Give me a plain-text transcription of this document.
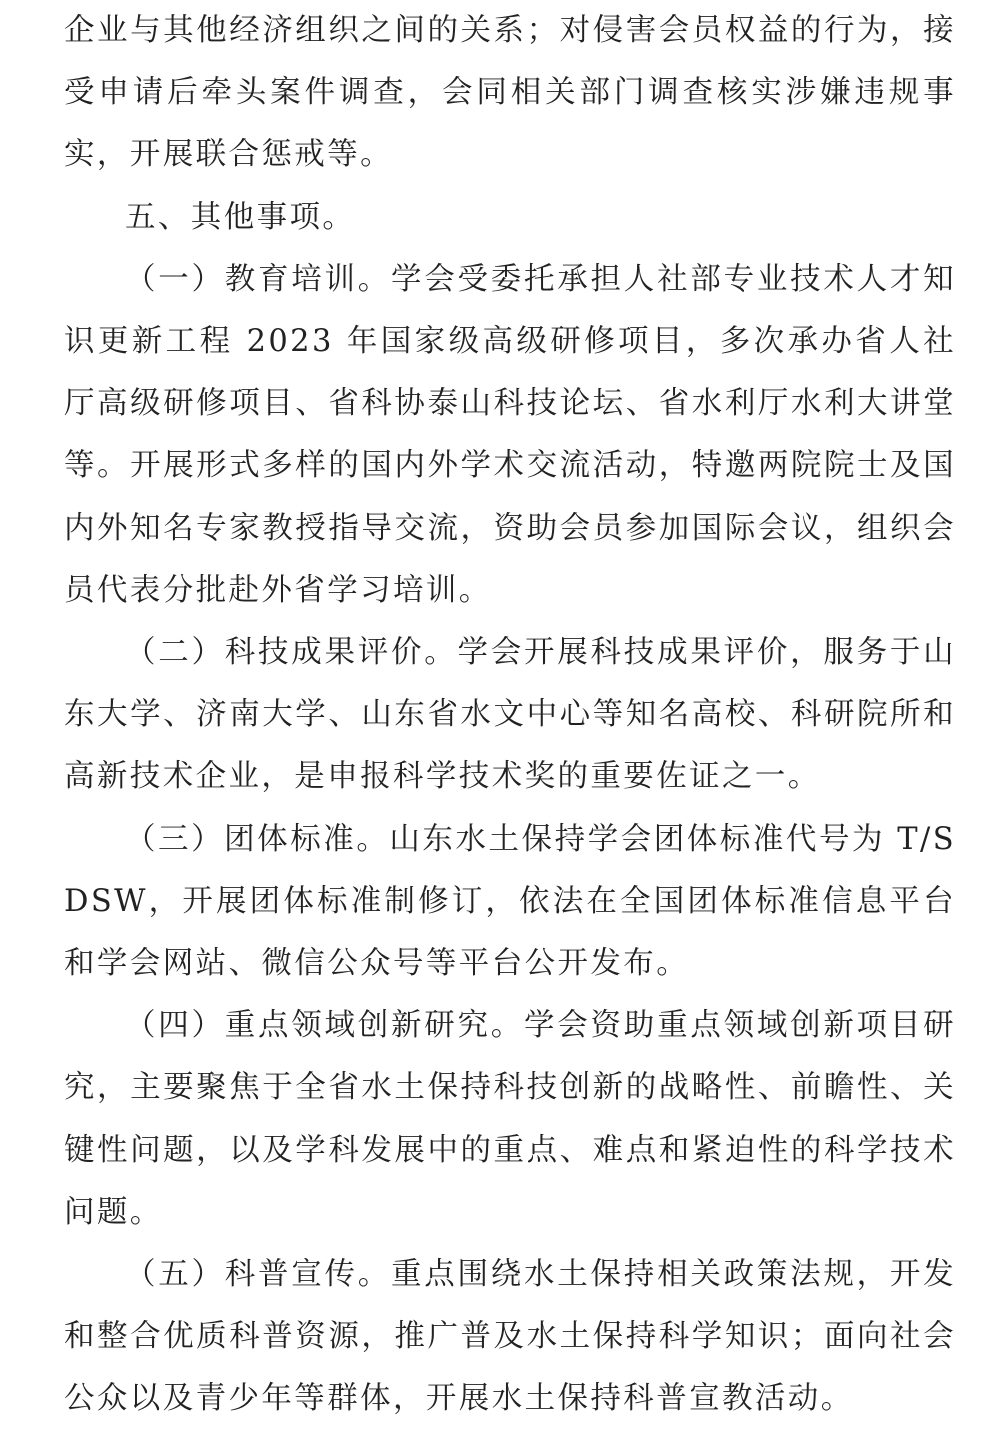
企业与其他经济组织之间的关系；对侵害会员权益的行为，接受申请后牵头案件调查，会同相关部门调查核实涉嫌违规事实，开展联合惩戒等。

五、其他事项。

（一）教育培训。学会受委托承担人社部专业技术人才知识更新工程 2023 年国家级高级研修项目，多次承办省人社厅高级研修项目、省科协泰山科技论坛、省水利厅水利大讲堂等。开展形式多样的国内外学术交流活动，特邀两院院士及国内外知名专家教授指导交流，资助会员参加国际会议，组织会员代表分批赴外省学习培训。

（二）科技成果评价。学会开展科技成果评价，服务于山东大学、济南大学、山东省水文中心等知名高校、科研院所和高新技术企业，是申报科学技术奖的重要佐证之一。

（三）团体标准。山东水土保持学会团体标准代号为 T/SDSW，开展团体标准制修订，依法在全国团体标准信息平台和学会网站、微信公众号等平台公开发布。

（四）重点领域创新研究。学会资助重点领域创新项目研究，主要聚焦于全省水土保持科技创新的战略性、前瞻性、关键性问题，以及学科发展中的重点、难点和紧迫性的科学技术问题。

（五）科普宣传。重点围绕水土保持相关政策法规，开发和整合优质科普资源，推广普及水土保持科学知识；面向社会公众以及青少年等群体，开展水土保持科普宣教活动。
